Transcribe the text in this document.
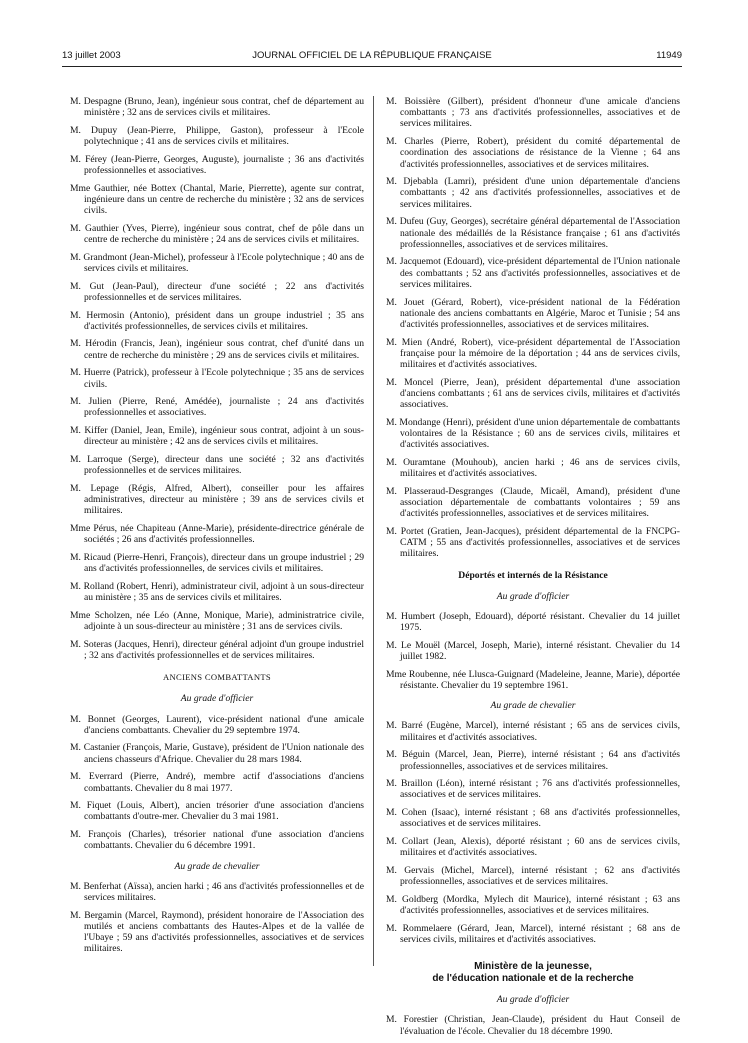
13 juillet 2003	JOURNAL OFFICIEL DE LA RÉPUBLIQUE FRANÇAISE	11949
M. Despagne (Bruno, Jean), ingénieur sous contrat, chef de département au ministère ; 32 ans de services civils et militaires.
M. Dupuy (Jean-Pierre, Philippe, Gaston), professeur à l'Ecole polytechnique ; 41 ans de services civils et militaires.
M. Férey (Jean-Pierre, Georges, Auguste), journaliste ; 36 ans d'activités professionnelles et associatives.
Mme Gauthier, née Bottex (Chantal, Marie, Pierrette), agente sur contrat, ingénieure dans un centre de recherche du ministère ; 32 ans de services civils.
M. Gauthier (Yves, Pierre), ingénieur sous contrat, chef de pôle dans un centre de recherche du ministère ; 24 ans de services civils et militaires.
M. Grandmont (Jean-Michel), professeur à l'Ecole polytechnique ; 40 ans de services civils et militaires.
M. Gut (Jean-Paul), directeur d'une société ; 22 ans d'activités professionnelles et de services militaires.
M. Hermosin (Antonio), président dans un groupe industriel ; 35 ans d'activités professionnelles, de services civils et militaires.
M. Hérodin (Francis, Jean), ingénieur sous contrat, chef d'unité dans un centre de recherche du ministère ; 29 ans de services civils et militaires.
M. Huerre (Patrick), professeur à l'Ecole polytechnique ; 35 ans de services civils.
M. Julien (Pierre, René, Amédée), journaliste ; 24 ans d'activités professionnelles et associatives.
M. Kiffer (Daniel, Jean, Emile), ingénieur sous contrat, adjoint à un sous-directeur au ministère ; 42 ans de services civils et militaires.
M. Larroque (Serge), directeur dans une société ; 32 ans d'activités professionnelles et de services militaires.
M. Lepage (Régis, Alfred, Albert), conseiller pour les affaires administratives, directeur au ministère ; 39 ans de services civils et militaires.
Mme Pérus, née Chapiteau (Anne-Marie), présidente-directrice générale de sociétés ; 26 ans d'activités professionnelles.
M. Ricaud (Pierre-Henri, François), directeur dans un groupe industriel ; 29 ans d'activités professionnelles, de services civils et militaires.
M. Rolland (Robert, Henri), administrateur civil, adjoint à un sous-directeur au ministère ; 35 ans de services civils et militaires.
Mme Scholzen, née Léo (Anne, Monique, Marie), administratrice civile, adjointe à un sous-directeur au ministère ; 31 ans de services civils.
M. Soteras (Jacques, Henri), directeur général adjoint d'un groupe industriel ; 32 ans d'activités professionnelles et de services militaires.
ANCIENS COMBATTANTS
Au grade d'officier
M. Bonnet (Georges, Laurent), vice-président national d'une amicale d'anciens combattants. Chevalier du 29 septembre 1974.
M. Castanier (François, Marie, Gustave), président de l'Union nationale des anciens chasseurs d'Afrique. Chevalier du 28 mars 1984.
M. Everrard (Pierre, André), membre actif d'associations d'anciens combattants. Chevalier du 8 mai 1977.
M. Fiquet (Louis, Albert), ancien trésorier d'une association d'anciens combattants d'outre-mer. Chevalier du 3 mai 1981.
M. François (Charles), trésorier national d'une association d'anciens combattants. Chevalier du 6 décembre 1991.
Au grade de chevalier
M. Benferhat (Aïssa), ancien harki ; 46 ans d'activités professionnelles et de services militaires.
M. Bergamin (Marcel, Raymond), président honoraire de l'Association des mutilés et anciens combattants des Hautes-Alpes et de la vallée de l'Ubaye ; 59 ans d'activités professionnelles, associatives et de services militaires.
M. Boissière (Gilbert), président d'honneur d'une amicale d'anciens combattants ; 73 ans d'activités professionnelles, associatives et de services militaires.
M. Charles (Pierre, Robert), président du comité départemental de coordination des associations de résistance de la Vienne ; 64 ans d'activités professionnelles, associatives et de services militaires.
M. Djebabla (Lamri), président d'une union départementale d'anciens combattants ; 42 ans d'activités professionnelles, associatives et de services militaires.
M. Dufeu (Guy, Georges), secrétaire général départemental de l'Association nationale des médaillés de la Résistance française ; 61 ans d'activités professionnelles, associatives et de services militaires.
M. Jacquemot (Edouard), vice-président départemental de l'Union nationale des combattants ; 52 ans d'activités professionnelles, associatives et de services militaires.
M. Jouet (Gérard, Robert), vice-président national de la Fédération nationale des anciens combattants en Algérie, Maroc et Tunisie ; 54 ans d'activités professionnelles, associatives et de services militaires.
M. Mien (André, Robert), vice-président départemental de l'Association française pour la mémoire de la déportation ; 44 ans de services civils, militaires et d'activités associatives.
M. Moncel (Pierre, Jean), président départemental d'une association d'anciens combattants ; 61 ans de services civils, militaires et d'activités associatives.
M. Mondange (Henri), président d'une union départementale de combattants volontaires de la Résistance ; 60 ans de services civils, militaires et d'activités associatives.
M. Ouramtane (Mouhoub), ancien harki ; 46 ans de services civils, militaires et d'activités associatives.
M. Plasseraud-Desgranges (Claude, Micaël, Amand), président d'une association départementale de combattants volontaires ; 59 ans d'activités professionnelles, associatives et de services militaires.
M. Portet (Gratien, Jean-Jacques), président départemental de la FNCPG-CATM ; 55 ans d'activités professionnelles, associatives et de services militaires.
Déportés et internés de la Résistance
Au grade d'officier
M. Humbert (Joseph, Edouard), déporté résistant. Chevalier du 14 juillet 1975.
M. Le Mouël (Marcel, Joseph, Marie), interné résistant. Chevalier du 14 juillet 1982.
Mme Roubenne, née Llusca-Guignard (Madeleine, Jeanne, Marie), déportée résistante. Chevalier du 19 septembre 1961.
Au grade de chevalier
M. Barré (Eugène, Marcel), interné résistant ; 65 ans de services civils, militaires et d'activités associatives.
M. Béguin (Marcel, Jean, Pierre), interné résistant ; 64 ans d'activités professionnelles, associatives et de services militaires.
M. Braillon (Léon), interné résistant ; 76 ans d'activités professionnelles, associatives et de services militaires.
M. Cohen (Isaac), interné résistant ; 68 ans d'activités professionnelles, associatives et de services militaires.
M. Collart (Jean, Alexis), déporté résistant ; 60 ans de services civils, militaires et d'activités associatives.
M. Gervais (Michel, Marcel), interné résistant ; 62 ans d'activités professionnelles, associatives et de services militaires.
M. Goldberg (Mordka, Mylech dit Maurice), interné résistant ; 63 ans d'activités professionnelles, associatives et de services militaires.
M. Rommelaere (Gérard, Jean, Marcel), interné résistant ; 68 ans de services civils, militaires et d'activités associatives.
Ministère de la jeunesse,
de l'éducation nationale et de la recherche
Au grade d'officier
M. Forestier (Christian, Jean-Claude), président du Haut Conseil de l'évaluation de l'école. Chevalier du 18 décembre 1990.
